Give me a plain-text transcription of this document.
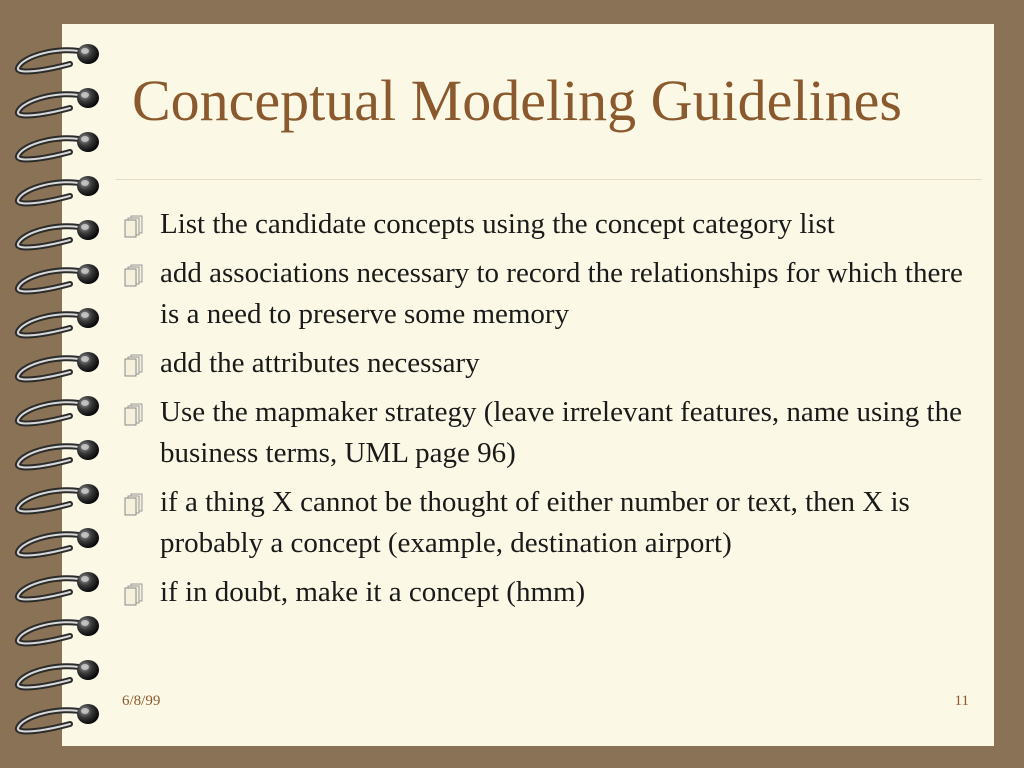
Conceptual Modeling Guidelines
List the candidate concepts using the concept category list
add associations necessary to record the relationships for which there is a need to preserve some memory
add the attributes necessary
Use the mapmaker strategy (leave irrelevant features, name using the business terms, UML page 96)
if a thing X cannot be thought of either number or text, then X is probably a concept (example, destination airport)
if in doubt, make it a concept (hmm)
6/8/99	11
